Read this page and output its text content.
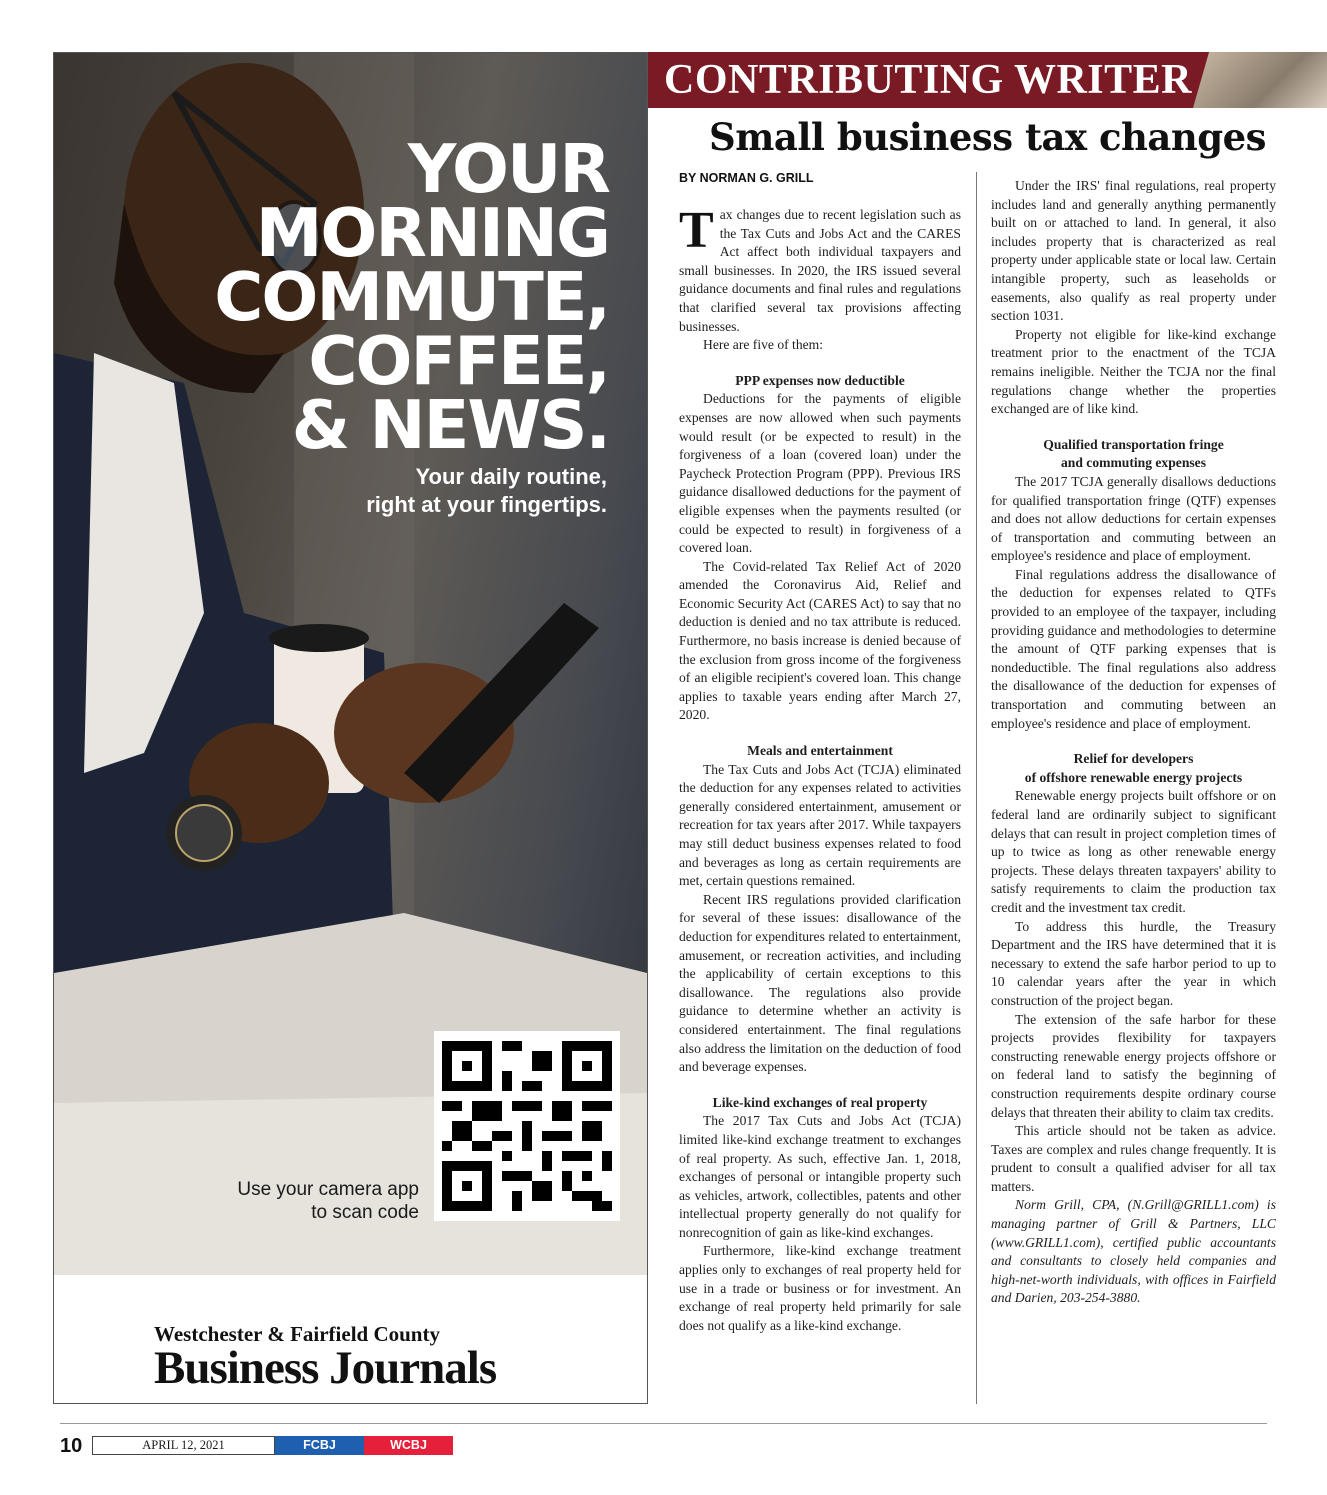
YOUR
MORNING
COMMUTE,
COFFEE,
& NEWS.
Your daily routine,
right at your fingertips.
Use your camera app
to scan code
Westchester & Fairfield County
Business Journals
CONTRIBUTING WRITER
Small business tax changes
BY NORMAN G. GRILL

Tax changes due to recent legislation such as the Tax Cuts and Jobs Act and the CARES Act affect both individual taxpayers and small businesses. In 2020, the IRS issued several guidance documents and final rules and regulations that clarified several tax provisions affecting businesses.

Here are five of them:

PPP expenses now deductible

Deductions for the payments of eligible expenses are now allowed when such payments would result (or be expected to result) in the forgiveness of a loan (covered loan) under the Paycheck Protection Program (PPP). Previous IRS guidance disallowed deductions for the payment of eligible expenses when the payments resulted (or could be expected to result) in forgiveness of a covered loan.

The Covid-related Tax Relief Act of 2020 amended the Coronavirus Aid, Relief and Economic Security Act (CARES Act) to say that no deduction is denied and no tax attribute is reduced. Furthermore, no basis increase is denied because of the exclusion from gross income of the forgiveness of an eligible recipient's covered loan. This change applies to taxable years ending after March 27, 2020.

Meals and entertainment

The Tax Cuts and Jobs Act (TCJA) eliminated the deduction for any expenses related to activities generally considered entertainment, amusement or recreation for tax years after 2017. While taxpayers may still deduct business expenses related to food and beverages as long as certain requirements are met, certain questions remained.

Recent IRS regulations provided clarification for several of these issues: disallowance of the deduction for expenditures related to entertainment, amusement, or recreation activities, and including the applicability of certain exceptions to this disallowance. The regulations also provide guidance to determine whether an activity is considered entertainment. The final regulations also address the limitation on the deduction of food and beverage expenses.

Like-kind exchanges of real property

The 2017 Tax Cuts and Jobs Act (TCJA) limited like-kind exchange treatment to exchanges of real property. As such, effective Jan. 1, 2018, exchanges of personal or intangible property such as vehicles, artwork, collectibles, patents and other intellectual property generally do not qualify for nonrecognition of gain as like-kind exchanges.

Furthermore, like-kind exchange treatment applies only to exchanges of real property held for use in a trade or business or for investment. An exchange of real property held primarily for sale does not qualify as a like-kind exchange.

Under the IRS' final regulations, real property includes land and generally anything permanently built on or attached to land. In general, it also includes property that is characterized as real property under applicable state or local law. Certain intangible property, such as leaseholds or easements, also qualify as real property under section 1031.

Property not eligible for like-kind exchange treatment prior to the enactment of the TCJA remains ineligible. Neither the TCJA nor the final regulations change whether the properties exchanged are of like kind.

Qualified transportation fringe
and commuting expenses

The 2017 TCJA generally disallows deductions for qualified transportation fringe (QTF) expenses and does not allow deductions for certain expenses of transportation and commuting between an employee's residence and place of employment.

Final regulations address the disallowance of the deduction for expenses related to QTFs provided to an employee of the taxpayer, including providing guidance and methodologies to determine the amount of QTF parking expenses that is nondeductible. The final regulations also address the disallowance of the deduction for expenses of transportation and commuting between an employee's residence and place of employment.

Relief for developers
of offshore renewable energy projects

Renewable energy projects built offshore or on federal land are ordinarily subject to significant delays that can result in project completion times of up to twice as long as other renewable energy projects. These delays threaten taxpayers' ability to satisfy requirements to claim the production tax credit and the investment tax credit.

To address this hurdle, the Treasury Department and the IRS have determined that it is necessary to extend the safe harbor period to up to 10 calendar years after the year in which construction of the project began.

The extension of the safe harbor for these projects provides flexibility for taxpayers constructing renewable energy projects offshore or on federal land to satisfy the beginning of construction requirements despite ordinary course delays that threaten their ability to claim tax credits.

This article should not be taken as advice. Taxes are complex and rules change frequently. It is prudent to consult a qualified adviser for all tax matters.

Norm Grill, CPA, (N.Grill@GRILL1.com) is managing partner of Grill & Partners, LLC (www.GRILL1.com), certified public accountants and consultants to closely held companies and high-net-worth individuals, with offices in Fairfield and Darien, 203-254-3880.

10	APRIL 12, 2021	FCBJ	WCBJ
